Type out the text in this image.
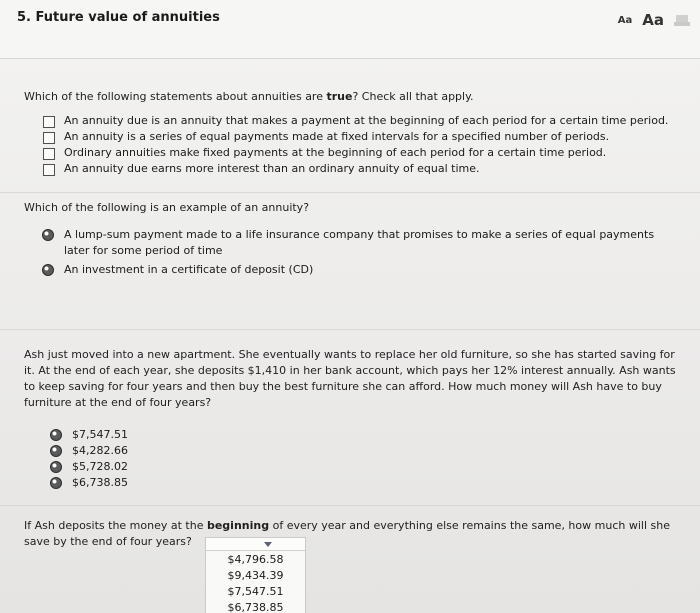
5. Future value of annuities	Aa Aa
Which of the following statements about annuities are true? Check all that apply.
An annuity due is an annuity that makes a payment at the beginning of each period for a certain time period.
An annuity is a series of equal payments made at fixed intervals for a specified number of periods.
Ordinary annuities make fixed payments at the beginning of each period for a certain time period.
An annuity due earns more interest than an ordinary annuity of equal time.
Which of the following is an example of an annuity?
A lump-sum payment made to a life insurance company that promises to make a series of equal payments later for some period of time
An investment in a certificate of deposit (CD)
Ash just moved into a new apartment. She eventually wants to replace her old furniture, so she has started saving for it. At the end of each year, she deposits $1,410 in her bank account, which pays her 12% interest annually. Ash wants to keep saving for four years and then buy the best furniture she can afford. How much money will Ash have to buy furniture at the end of four years?
$7,547.51
$4,282.66
$5,728.02
$6,738.85
If Ash deposits the money at the beginning of every year and everything else remains the same, how much will she save by the end of four years?
$4,796.58
$9,434.39
$7,547.51
$6,738.85
